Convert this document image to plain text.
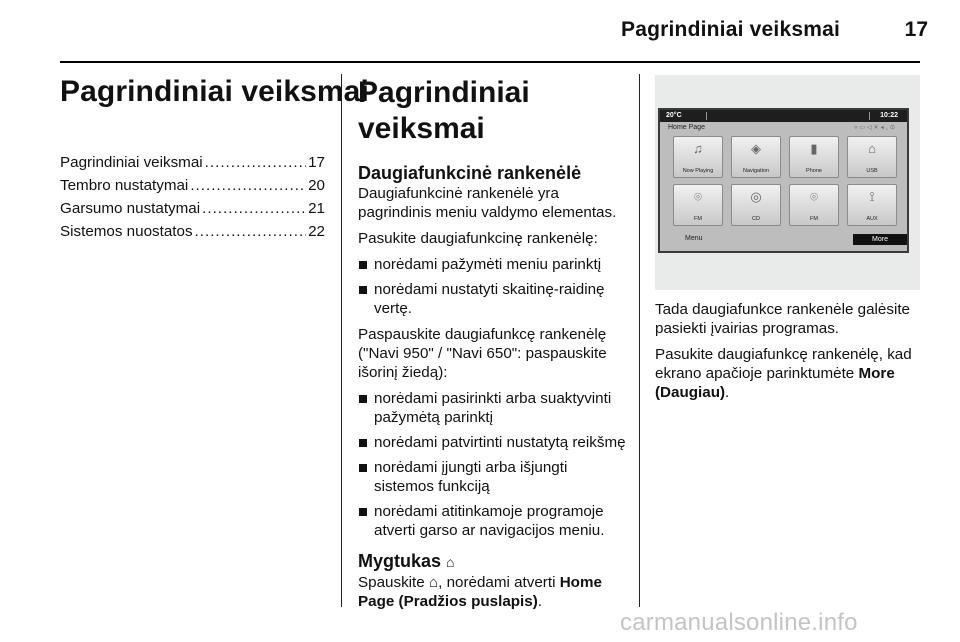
Pagrindiniai veiksmai	17
Pagrindiniai veiksmai
Pagrindiniai veiksmai .....	17
Tembro nustatymai .....	20
Garsumo nustatymai .....	21
Sistemos nuostatos .....	22
Pagrindiniai veiksmai
Daugiafunkcinė rankenėlė

Daugiafunkcinė rankenėlė yra pagrindinis meniu valdymo elementas.

Pasukite daugiafunkcinę rankenėlę:

norėdami pažymėti meniu parinktį
norėdami nustatyti skaitinę-raidinę vertę.

Paspauskite daugiafunkcę rankenėlę ("Navi 950" / "Navi 650": paspauskite išorinį žiedą):

norėdami pasirinkti arba suaktyvinti pažymėtą parinktį
norėdami patvirtinti nustatytą reikšmę
norėdami įjungti arba išjungti sistemos funkciją
norėdami atitinkamoje programoje atverti garso ar navigacijos meniu.
Mygtukas ⌂

Spauskite ⌂, norėdami atverti Home Page (Pradžios puslapis).

20°C	10:22
Home Page	▿▭◁✕◂◟⊙
♫
Now Playing
◈
Navigation
▮
Phone
⌂
USB
⌾
FM
◎
CD
⌾
FM
⟟
AUX
Menu	More

Tada daugiafunkce rankenėle galėsite pasiekti įvairias programas.

Pasukite daugiafunkcę rankenėlę, kad ekrano apačioje parinktumėte More (Daugiau).

carmanualsonline.info
